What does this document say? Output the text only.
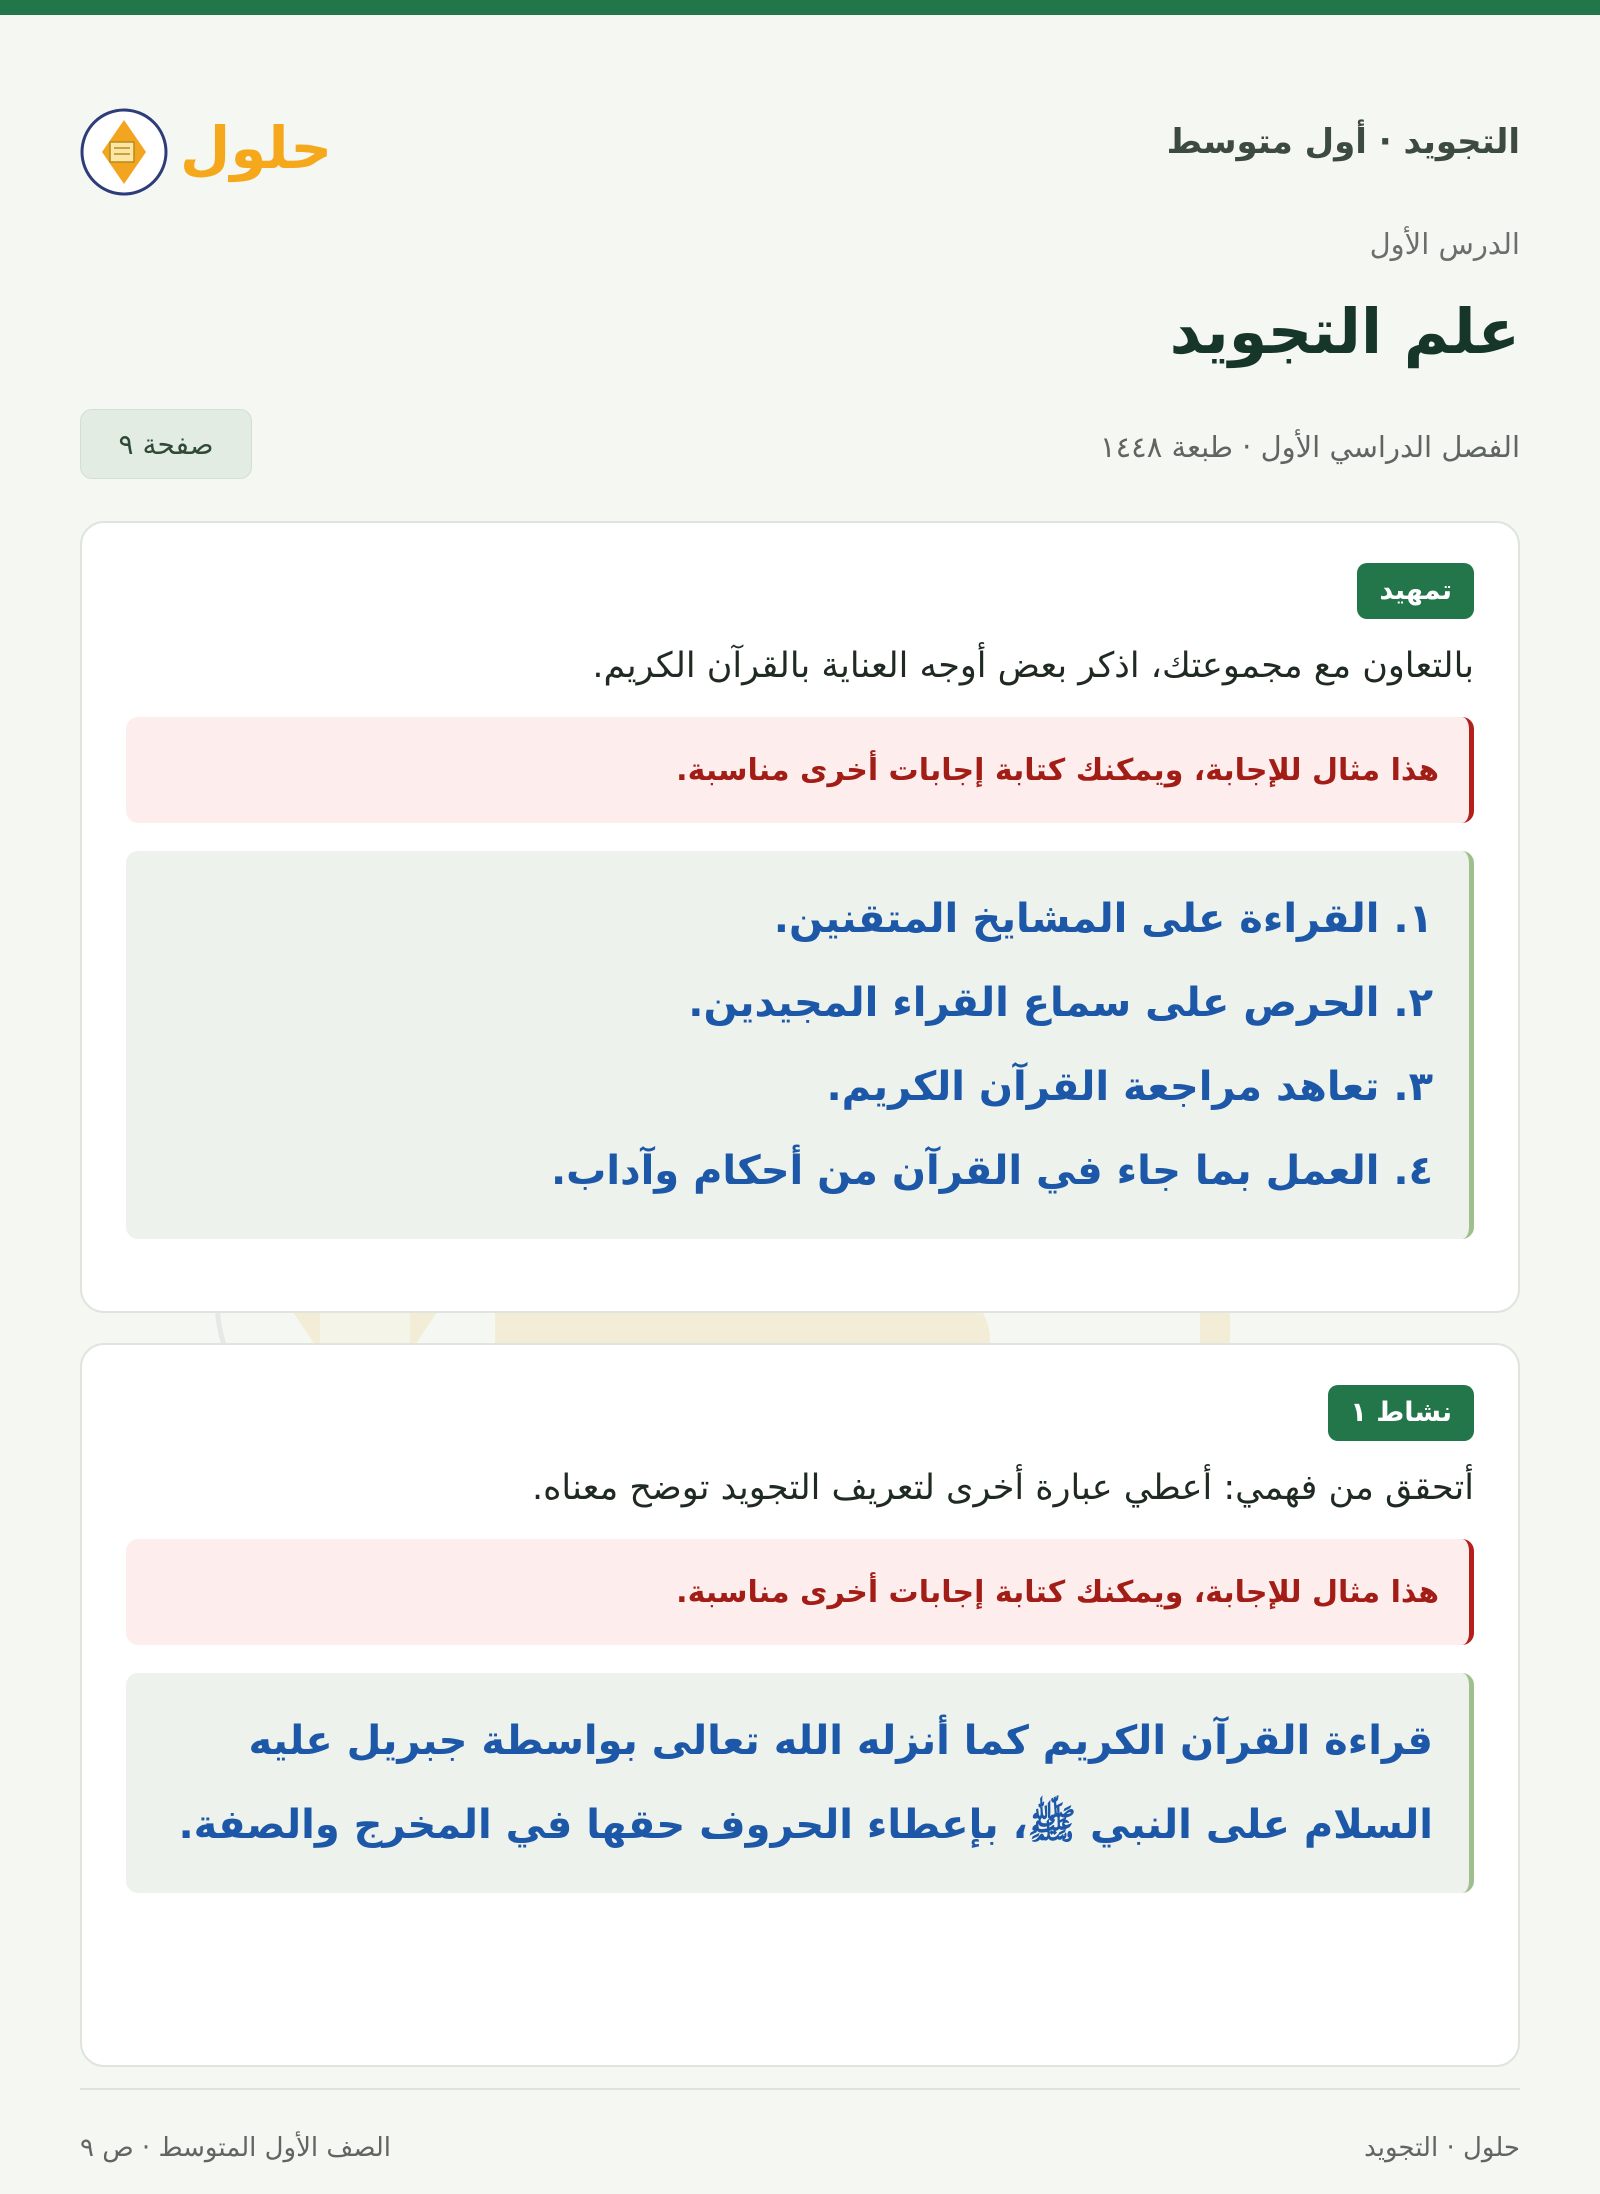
التجويد · أول متوسط
حلول
الدرس الأول
علم التجويد
الفصل الدراسي الأول · طبعة ١٤٤٨
صفحة ٩
تمهيد
بالتعاون مع مجموعتك، اذكر بعض أوجه العناية بالقرآن الكريم.
هذا مثال للإجابة، ويمكنك كتابة إجابات أخرى مناسبة.
١. القراءة على المشايخ المتقنين.
٢. الحرص على سماع القراء المجيدين.
٣. تعاهد مراجعة القرآن الكريم.
٤. العمل بما جاء في القرآن من أحكام وآداب.
نشاط ١
أتحقق من فهمي: أعطي عبارة أخرى لتعريف التجويد توضح معناه.
هذا مثال للإجابة، ويمكنك كتابة إجابات أخرى مناسبة.

قراءة القرآن الكريم كما أنزله الله تعالى بواسطة جبريل عليه السلام على النبي ﷺ، بإعطاء الحروف حقها في المخرج والصفة.

حلول · التجويد
الصف الأول المتوسط · ص ٩
